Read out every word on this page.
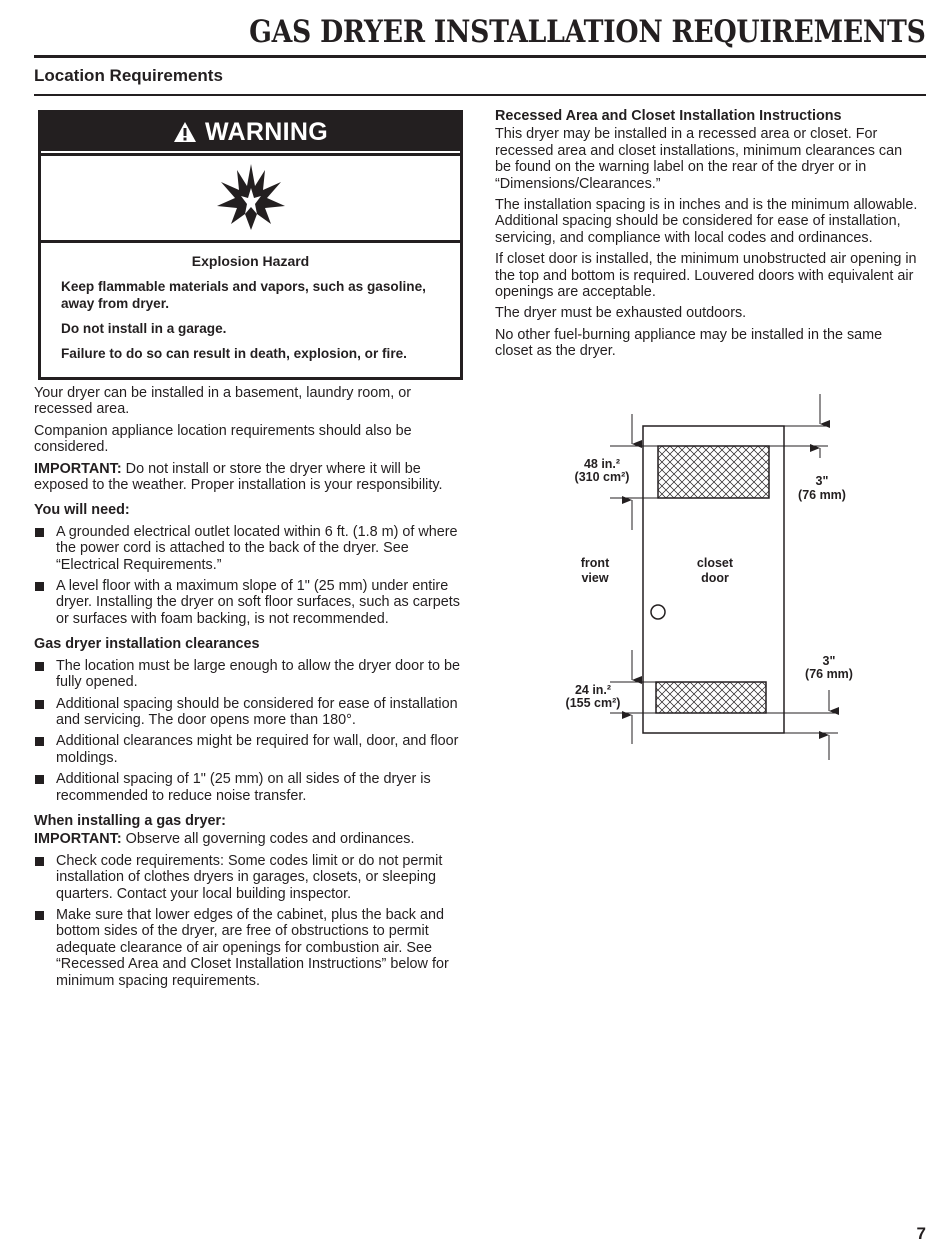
GAS DRYER INSTALLATION REQUIREMENTS
Location Requirements
WARNING

Explosion Hazard

Keep flammable materials and vapors, such as gasoline, away from dryer.

Do not install in a garage.

Failure to do so can result in death, explosion, or fire.

Your dryer can be installed in a basement, laundry room, or recessed area.

Companion appliance location requirements should also be considered.

IMPORTANT: Do not install or store the dryer where it will be exposed to the weather. Proper installation is your responsibility.

You will need:
A grounded electrical outlet located within 6 ft. (1.8 m) of where the power cord is attached to the back of the dryer. See “Electrical Requirements.”
A level floor with a maximum slope of 1" (25 mm) under entire dryer. Installing the dryer on soft floor surfaces, such as carpets or surfaces with foam backing, is not recommended.
Gas dryer installation clearances
The location must be large enough to allow the dryer door to be fully opened.
Additional spacing should be considered for ease of installation and servicing. The door opens more than 180°.
Additional clearances might be required for wall, door, and floor moldings.
Additional spacing of 1" (25 mm) on all sides of the dryer is recommended to reduce noise transfer.
When installing a gas dryer:

IMPORTANT: Observe all governing codes and ordinances.

Check code requirements: Some codes limit or do not permit installation of clothes dryers in garages, closets, or sleeping quarters. Contact your local building inspector.
Make sure that lower edges of the cabinet, plus the back and bottom sides of the dryer, are free of obstructions to permit adequate clearance of air openings for combustion air. See “Recessed Area and Closet Installation Instructions” below for minimum spacing requirements.
Recessed Area and Closet Installation Instructions

This dryer may be installed in a recessed area or closet. For recessed area and closet installations, minimum clearances can be found on the warning label on the rear of the dryer or in “Dimensions/Clearances.”

The installation spacing is in inches and is the minimum allowable. Additional spacing should be considered for ease of installation, servicing, and compliance with local codes and ordinances.

If closet door is installed, the minimum unobstructed air opening in the top and bottom is required. Louvered doors with equivalent air openings are acceptable.

The dryer must be exhausted outdoors.

No other fuel-burning appliance may be installed in the same closet as the dryer.

48 in.²
(310 cm²)	3"
(76 mm)
front
view
closet
door
3"
(76 mm)
24 in.²
(155 cm²)
7
